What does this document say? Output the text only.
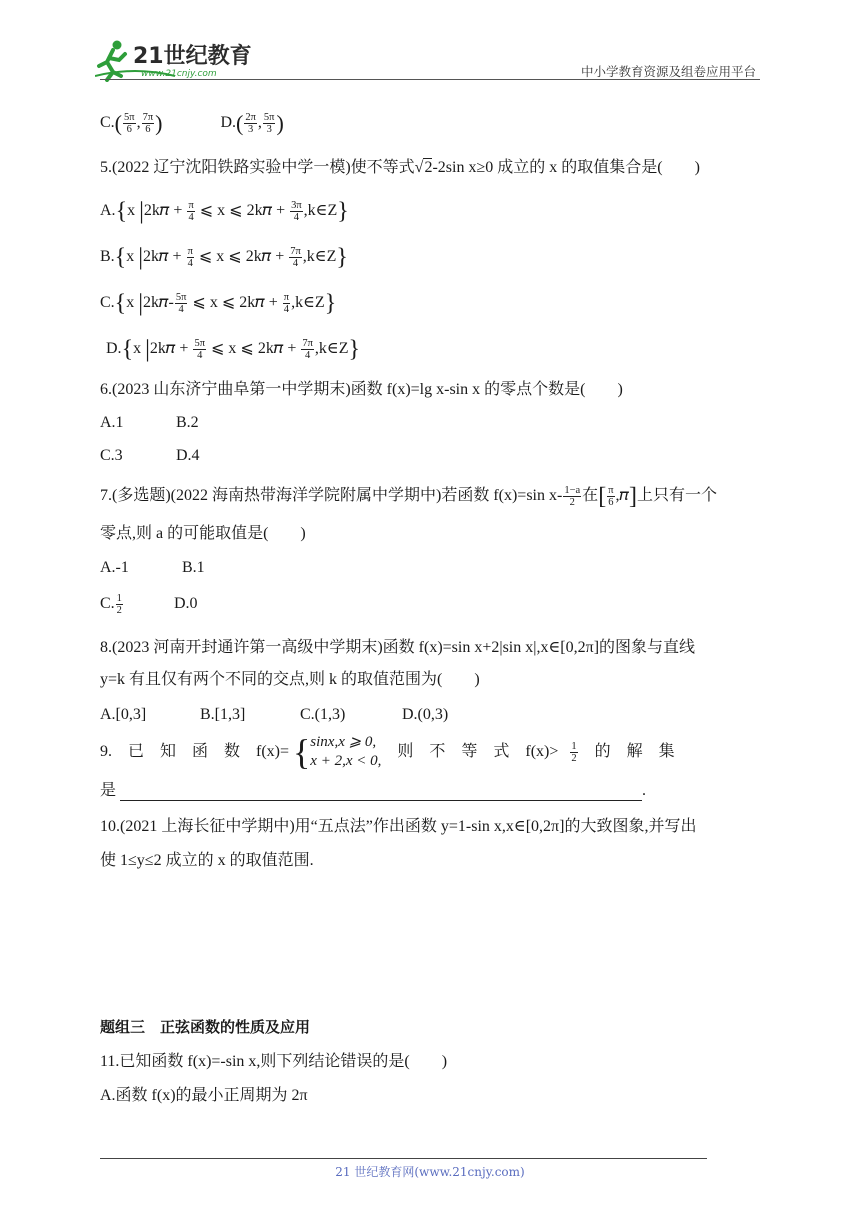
21世纪教育
www.21cnjy.com	中小学教育资源及组卷应用平台
$C.( \frac{5\pi}{6}$ , $\frac{7\pi}{6}$ )	$D.( \frac{2\pi}{3}$ , $\frac{5\pi}{3}$ )
5.(2022 辽宁沈阳铁路实验中学一模)使不等式√2-2sin x≥0 成立的 x 的取值集合是(　　)
A.{x |2k𝜋 + $\frac{\pi}{4}$ ⩽ x ⩽ 2k𝜋 + $\frac{3\pi}{4}$ ,k∈Z}
B.{x |2k𝜋 + $\frac{\pi}{4}$ ⩽ x ⩽ 2k𝜋 + $\frac{7\pi}{4}$ ,k∈Z}
C.{x |2k𝜋- $\frac{5\pi}{4}$ ⩽ x ⩽ 2k𝜋 + $\frac{\pi}{4}$ ,k∈Z}
D.{x |2k𝜋 + $\frac{5\pi}{4}$ ⩽ x ⩽ 2k𝜋 + $\frac{7\pi}{4}$ ,k∈Z}
6.(2023 山东济宁曲阜第一中学期末)函数 f(x)=lg x-sin x 的零点个数是(　　)
A.1	B.2
C.3	D.4
7.(多选题)(2022 海南热带海洋学院附属中学期中)若函数 f(x)=sin $x- \frac{1-a}{2}$ 在[ $\frac{\pi}{6}$ ,𝜋]上只有一个
零点,则 a 的可能取值是(　　)
A.-1	B.1
C. $\frac{1}{2}$	D.0
8.(2023 河南开封通许第一高级中学期末)函数 f(x)=sin x+2|sin x|,x∈[0,2π]的图象与直线
y=k 有且仅有两个不同的交点,则 k 的取值范围为(　　)
A.[0,3]	B.[1,3]	C.(1,3)	D.(0,3)
9.　已　知　函　数　f(x)= { sinx,x ⩾ 0,
x + 2,x < 0,
则　不　等　式　$f(x)> \frac{1}{2}$ 的　解　集
是	.
10.(2021 上海长征中学期中)用“五点法”作出函数 y=1-sin x,x∈[0,2π]的大致图象,并写出
使 1≤y≤2 成立的 x 的取值范围.
题组三　正弦函数的性质及应用
11.已知函数 f(x)=-sin x,则下列结论错误的是(　　)
A.函数 f(x)的最小正周期为 2π
21 世纪教育网(www.21cnjy.com)
